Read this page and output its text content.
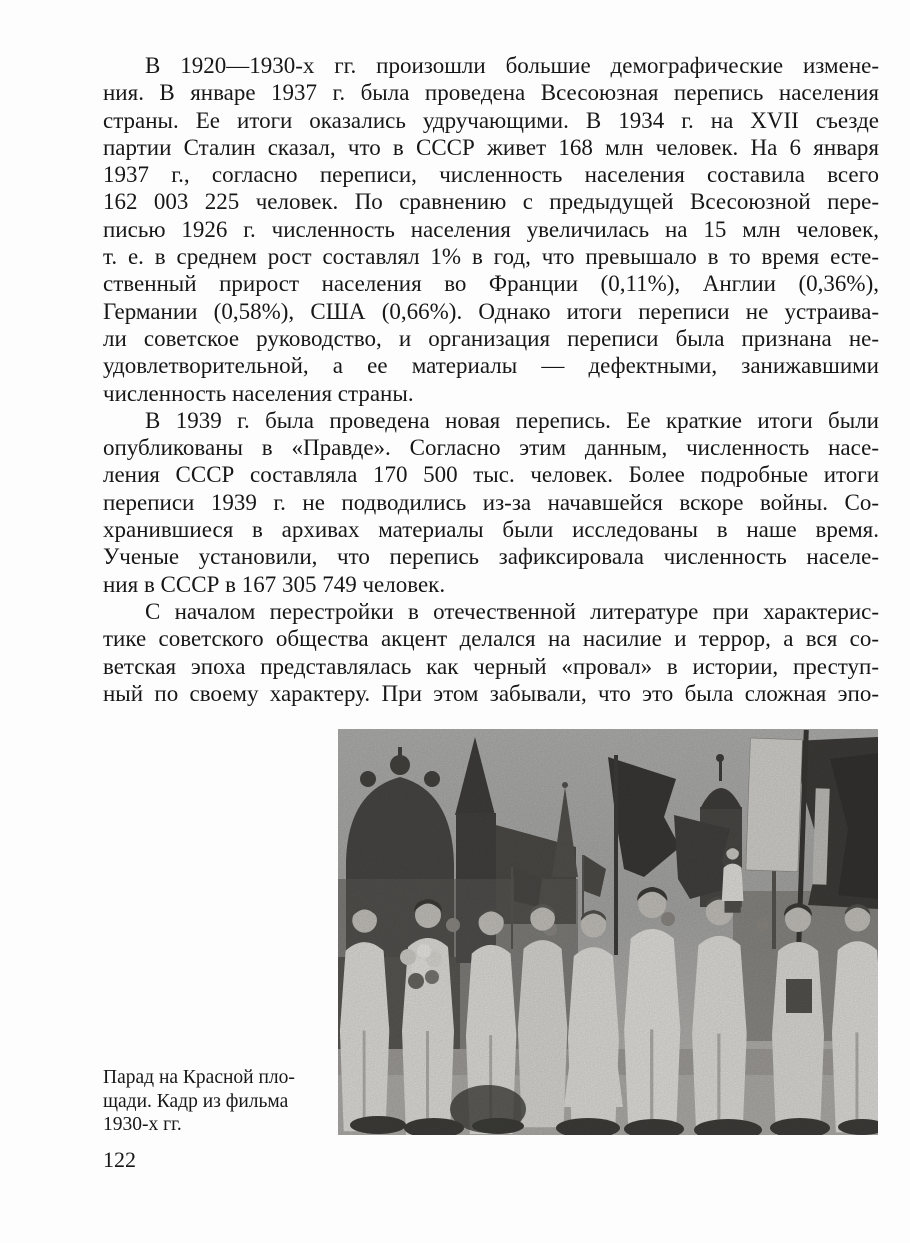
В 1920—1930-х гг. произошли большие демографические измене-
ния. В январе 1937 г. была проведена Всесоюзная перепись населения
страны. Ее итоги оказались удручающими. В 1934 г. на XVII съезде
партии Сталин сказал, что в СССР живет 168 млн человек. На 6 января
1937 г., согласно переписи, численность населения составила всего
162 003 225 человек. По сравнению с предыдущей Всесоюзной пере-
писью 1926 г. численность населения увеличилась на 15 млн человек,
т. е. в среднем рост составлял 1% в год, что превышало в то время есте-
ственный прирост населения во Франции (0,11%), Англии (0,36%),
Германии (0,58%), США (0,66%). Однако итоги переписи не устраива-
ли советское руководство, и организация переписи была признана не-
удовлетворительной, а ее материалы — дефектными, занижавшими
численность населения страны.
В 1939 г. была проведена новая перепись. Ее краткие итоги были
опубликованы в «Правде». Согласно этим данным, численность насе-
ления СССР составляла 170 500 тыс. человек. Более подробные итоги
переписи 1939 г. не подводились из-за начавшейся вскоре войны. Со-
хранившиеся в архивах материалы были исследованы в наше время.
Ученые установили, что перепись зафиксировала численность населе-
ния в СССР в 167 305 749 человек.
С началом перестройки в отечественной литературе при характерис-
тике советского общества акцент делался на насилие и террор, а вся со-
ветская эпоха представлялась как черный «провал» в истории, преступ-
ный по своему характеру. При этом забывали, что это была сложная эпо-
Парад на Красной пло-
щади. Кадр из фильма
1930-х гг.
122
